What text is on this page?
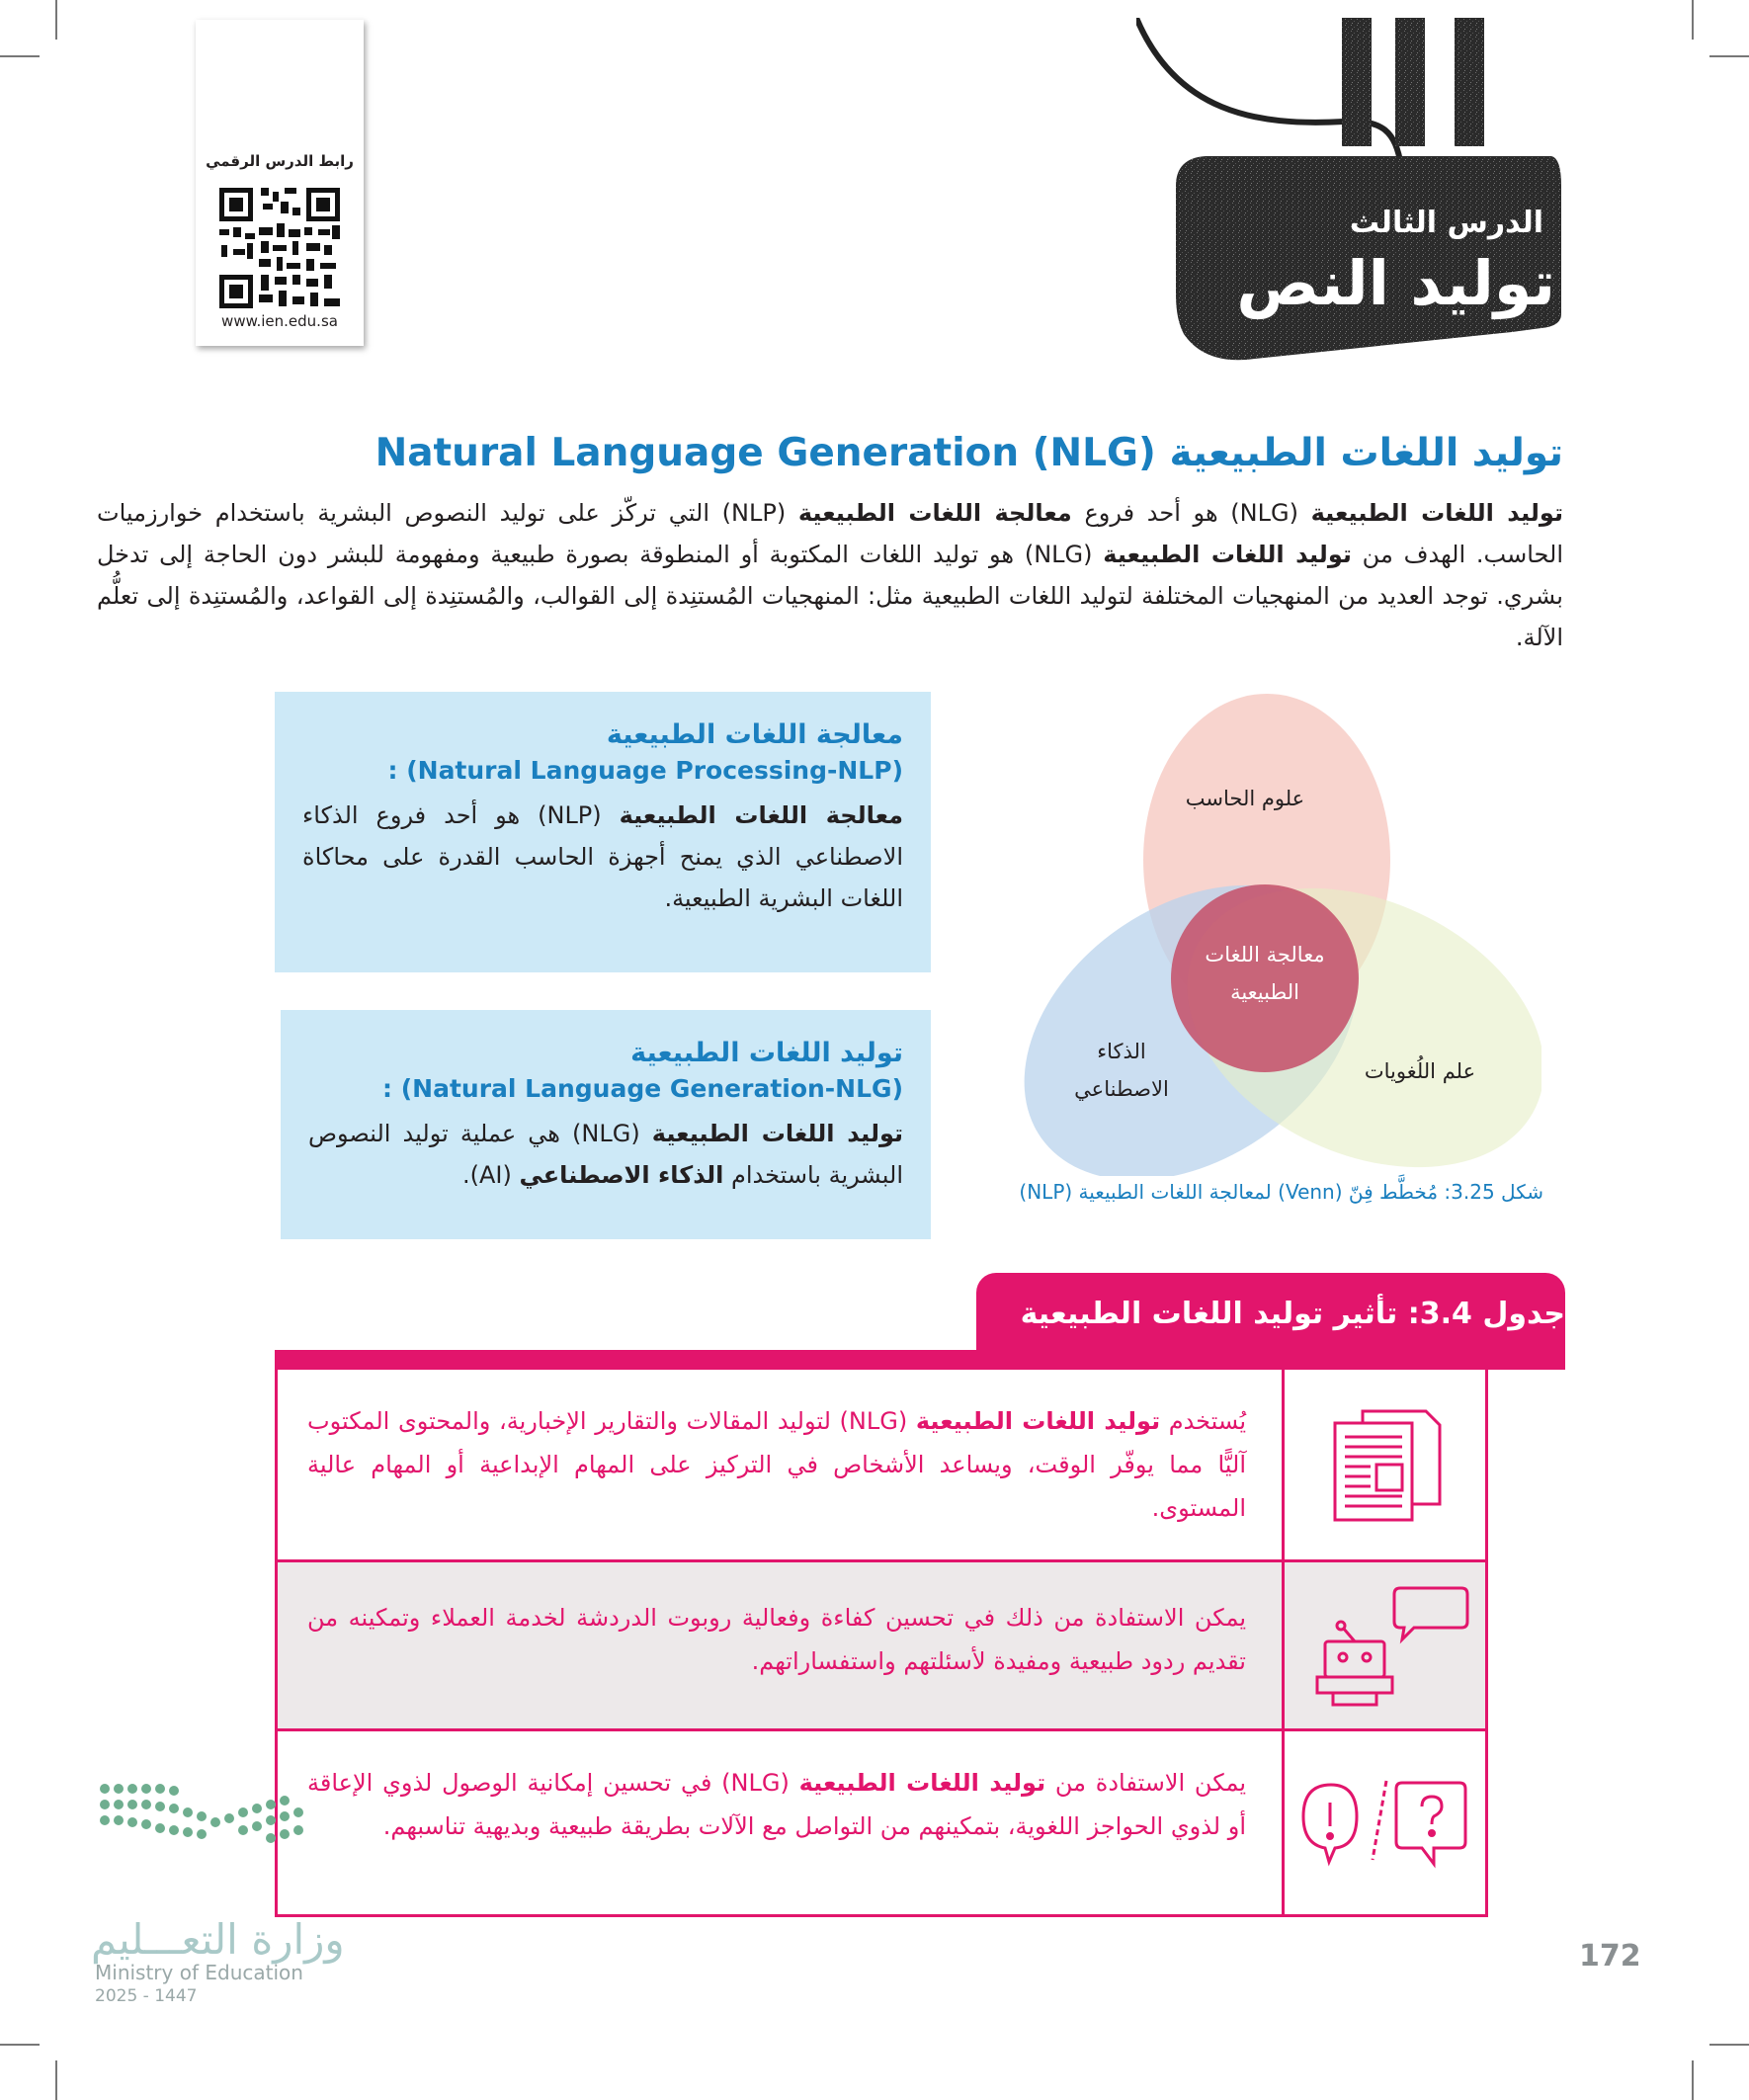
رابط الدرس الرقمي
www.ien.edu.sa
الدرس الثالث
توليد النص
توليد اللغات الطبيعية (NLG) Natural Language Generation
توليد اللغات الطبيعية (NLG) هو أحد فروع معالجة اللغات الطبيعية (NLP) التي تركّز على توليد النصوص البشرية باستخدام خوارزميات الحاسب. الهدف من توليد اللغات الطبيعية (NLG) هو توليد اللغات المكتوبة أو المنطوقة بصورة طبيعية ومفهومة للبشر دون الحاجة إلى تدخل بشري. توجد العديد من المنهجيات المختلفة لتوليد اللغات الطبيعية مثل: المنهجيات المُستنِدة إلى القوالب، والمُستنِدة إلى القواعد، والمُستنِدة إلى تعلُّم الآلة.
معالجة اللغات الطبيعية
(Natural Language Processing-NLP) :

معالجة اللغات الطبيعية (NLP) هو أحد فروع الذكاء الاصطناعي الذي يمنح أجهزة الحاسب القدرة على محاكاة اللغات البشرية الطبيعية.

توليد اللغات الطبيعية
(Natural Language Generation-NLG) :

توليد اللغات الطبيعية (NLG) هي عملية توليد النصوص البشرية باستخدام الذكاء الاصطناعي (AI).

علوم الحاسب
الذكاء
الاصطناعي
علم اللُغويات
معالجة اللغات
الطبيعية
شكل 3.25: مُخطَّط فِنّ (Venn) لمعالجة اللغات الطبيعية (NLP)
جدول 3.4: تأثير توليد اللغات الطبيعية
يُستخدم توليد اللغات الطبيعية (NLG) لتوليد المقالات والتقارير الإخبارية، والمحتوى المكتوب آليًّا مما يوفّر الوقت، ويساعد الأشخاص في التركيز على المهام الإبداعية أو المهام عالية المستوى.
يمكن الاستفادة من ذلك في تحسين كفاءة وفعالية روبوت الدردشة لخدمة العملاء وتمكينه من تقديم ردود طبيعية ومفيدة لأسئلتهم واستفساراتهم.
يمكن الاستفادة من توليد اللغات الطبيعية (NLG) في تحسين إمكانية الوصول لذوي الإعاقة أو لذوي الحواجز اللغوية، بتمكينهم من التواصل مع الآلات بطريقة طبيعية وبديهية تناسبهم.
وزارة التعـــليم
Ministry of Education
2025 - 1447
172
